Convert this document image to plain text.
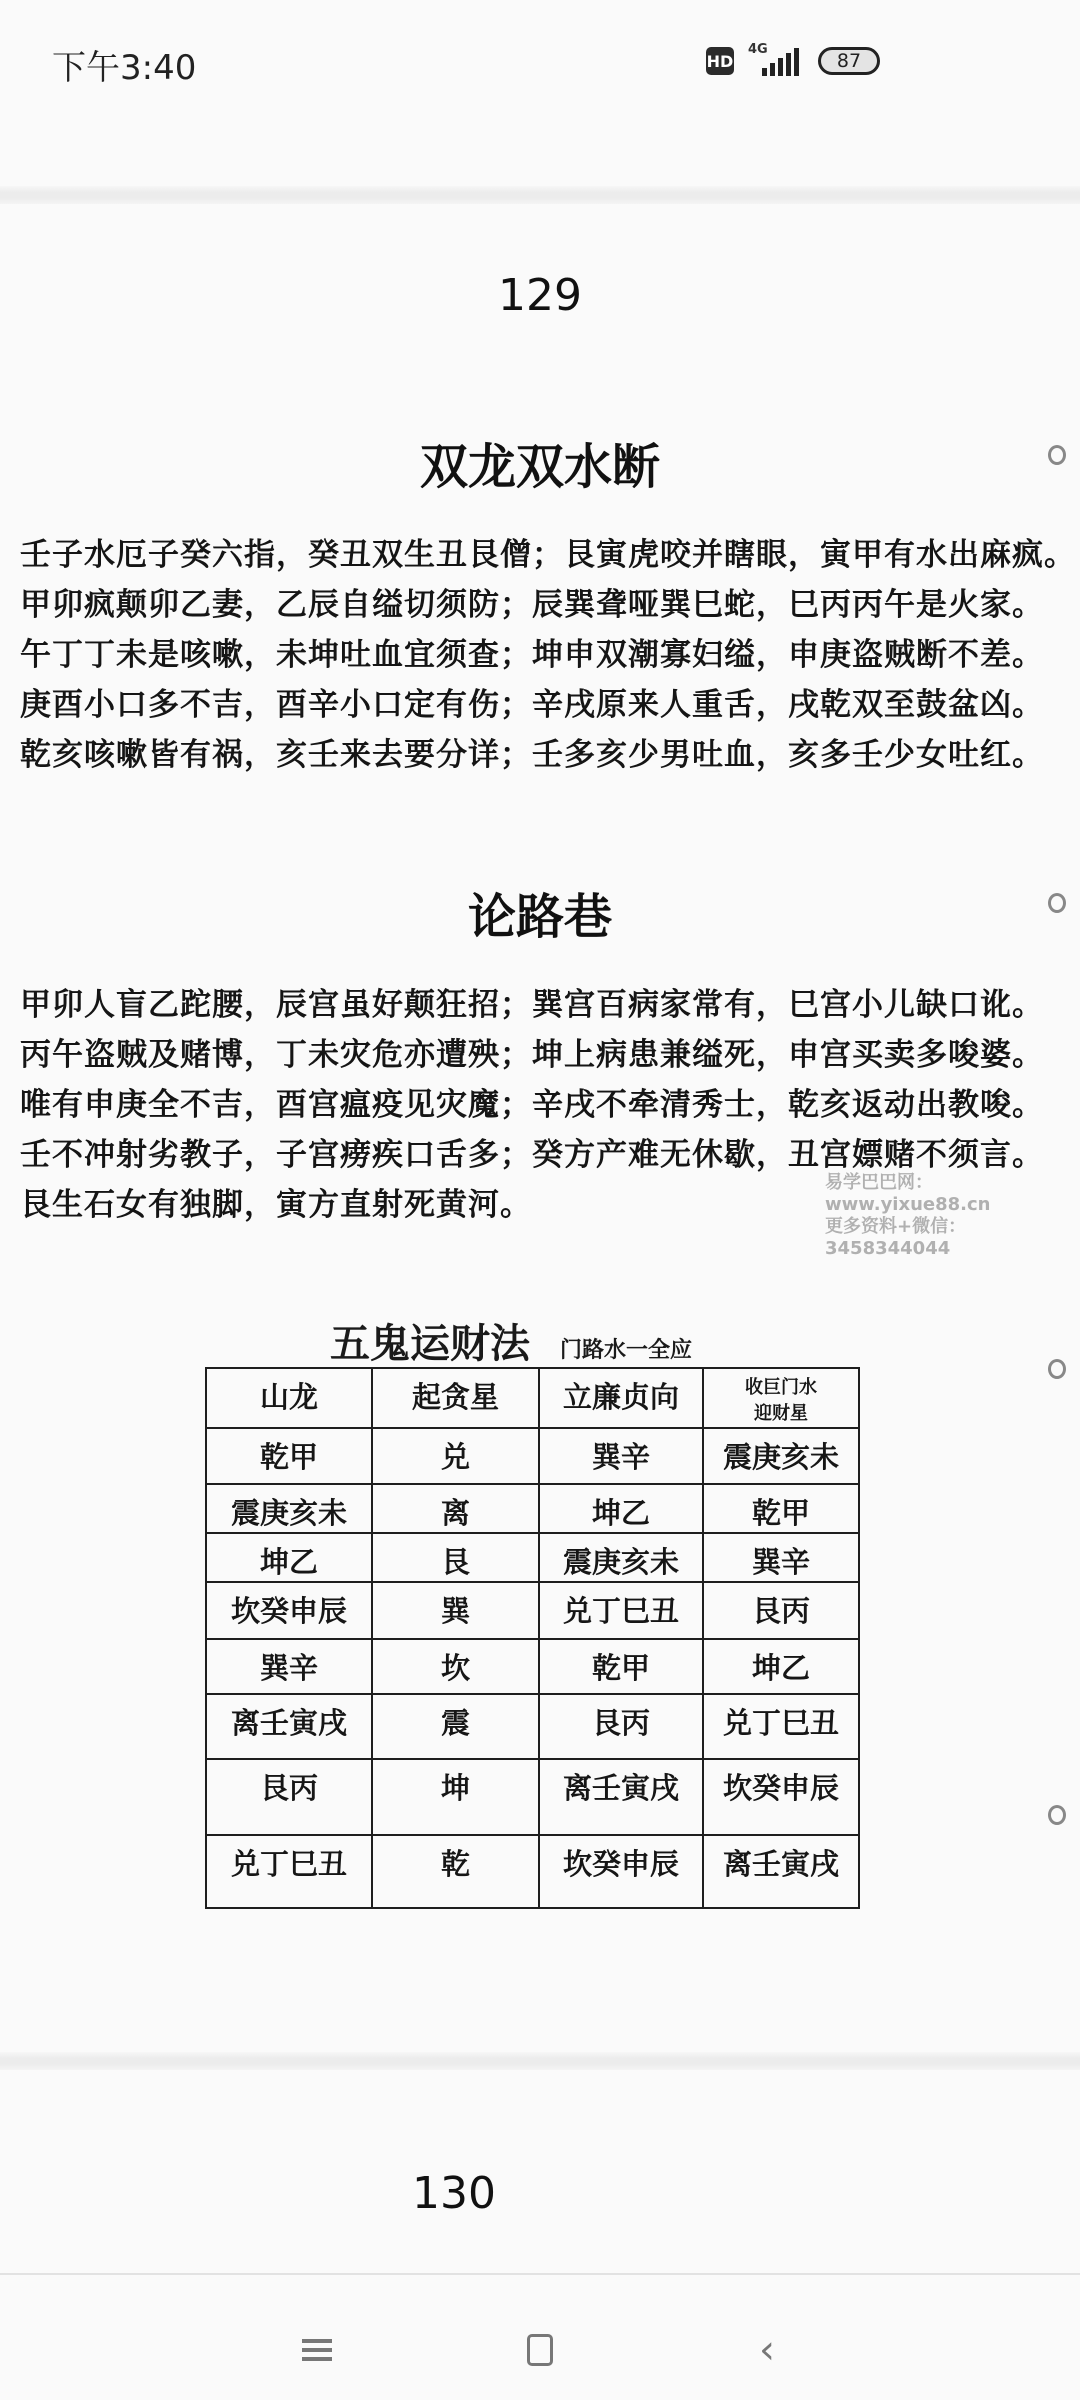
下午3:40	HD
4G
87
129
双龙双水断
壬子水厄子癸六指，癸丑双生丑艮僧；艮寅虎咬并瞎眼，寅甲有水出麻疯。
甲卯疯颠卯乙妻，乙辰自缢切须防；辰巽聋哑巽巳蛇，巳丙丙午是火家。
午丁丁未是咳嗽，未坤吐血宜须查；坤申双潮寡妇缢，申庚盗贼断不差。
庚酉小口多不吉，酉辛小口定有伤；辛戌原来人重舌，戌乾双至鼓盆凶。
乾亥咳嗽皆有祸，亥壬来去要分详；壬多亥少男吐血，亥多壬少女吐红。
论路巷
甲卯人盲乙跎腰，辰宫虽好颠狂招；巽宫百病家常有，巳宫小儿缺口讹。
丙午盗贼及赌博，丁未灾危亦遭殃；坤上病患兼缢死，申宫买卖多唆婆。
唯有申庚全不吉，酉宫瘟疫见灾魔；辛戌不牵清秀士，乾亥返动出教唆。
壬不冲射劣教子，子宫痨疾口舌多；癸方产难无休歇，丑宫嫖赌不须言。
艮生石女有独脚，寅方直射死黄河。
易学巴巴网：www.yixue88.cn
更多资料+微信：3458344044
五鬼运财法 门路水一全应
山龙	起贪星	立廉贞向	收巨门水
迎财星

乾甲	兑	巽辛	震庚亥未
震庚亥未	离	坤乙	乾甲
坤乙	艮	震庚亥未	巽辛
坎癸申辰	巽	兑丁巳丑	艮丙
巽辛	坎	乾甲	坤乙
离壬寅戌	震	艮丙	兑丁巳丑
艮丙	坤	离壬寅戌	坎癸申辰
兑丁巳丑	乾	坎癸申辰	离壬寅戌
130
‹
